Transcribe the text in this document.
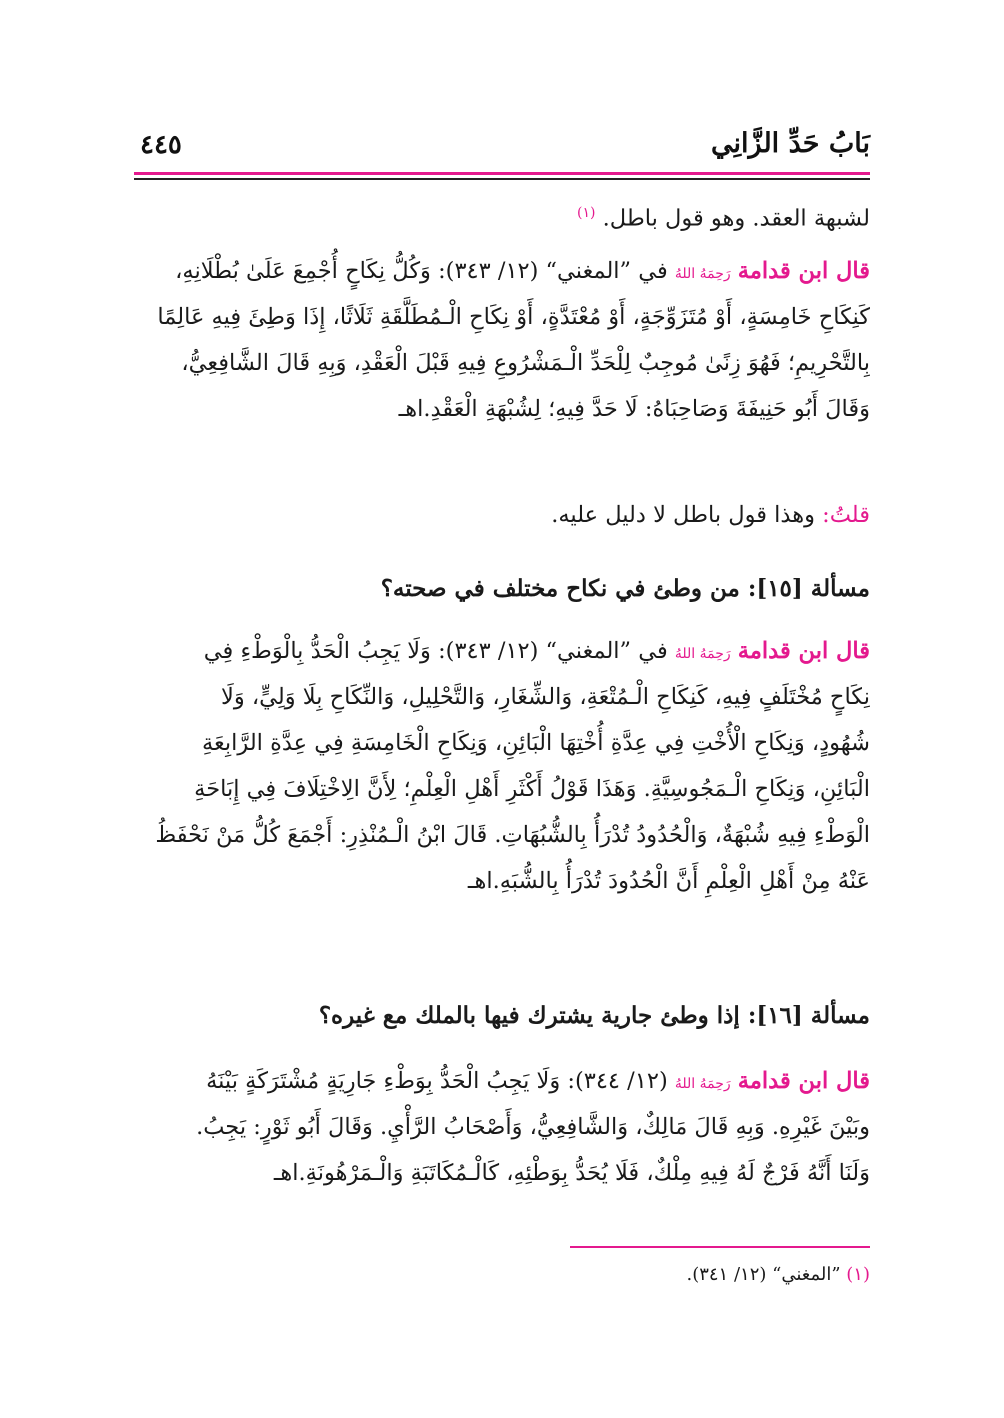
بَابُ حَدِّ الزَّانِي
٤٤٥
لشبهة العقد. وهو قول باطل. $^{(١)}$
قال ابن قدامة رَحِمَهُ اللهُ في ”المغني“ (١٢/ ٣٤٣): وَكُلُّ نِكَاحٍ أُجْمِعَ عَلَىٰ بُطْلَانِهِ،
كَنِكَاحِ خَامِسَةٍ، أَوْ مُتَزَوِّجَةٍ، أَوْ مُعْتَدَّةٍ، أَوْ نِكَاحِ الْـمُطَلَّقَةِ ثَلَاثًا، إِذَا وَطِئَ فِيهِ عَالِمًا
بِالتَّحْرِيمِ؛ فَهُوَ زِنًىٰ مُوجِبٌ لِلْحَدِّ الْـمَشْرُوعِ فِيهِ قَبْلَ الْعَقْدِ، وَبِهِ قَالَ الشَّافِعِيُّ،
وَقَالَ أَبُو حَنِيفَةَ وَصَاحِبَاهُ: لَا حَدَّ فِيهِ؛ لِشُبْهَةِ الْعَقْدِ.اهـ
قلتُ: وهذا قول باطل لا دليل عليه.
مسألة [١٥]: من وطئ في نكاح مختلف في صحته؟
قال ابن قدامة رَحِمَهُ اللهُ في ”المغني“ (١٢/ ٣٤٣): وَلَا يَجِبُ الْحَدُّ بِالْوَطْءِ فِي
نِكَاحٍ مُخْتَلَفٍ فِيهِ، كَنِكَاحِ الْـمُتْعَةِ، وَالشِّغَارِ، وَالتَّحْلِيلِ، وَالنِّكَاحِ بِلَا وَلِيٍّ، وَلَا
شُهُودٍ، وَنِكَاحِ الْأُخْتِ فِي عِدَّةِ أُخْتِهَا الْبَائِنِ، وَنِكَاحِ الْخَامِسَةِ فِي عِدَّةِ الرَّابِعَةِ
الْبَائِنِ، وَنِكَاحِ الْـمَجُوسِيَّةِ. وَهَذَا قَوْلُ أَكْثَرِ أَهْلِ الْعِلْمِ؛ لِأَنَّ الِاخْتِلَافَ فِي إِبَاحَةِ
الْوَطْءِ فِيهِ شُبْهَةٌ، وَالْحُدُودُ تُدْرَأُ بِالشُّبُهَاتِ. قَالَ ابْنُ الْـمُنْذِرِ: أَجْمَعَ كُلُّ مَنْ نَحْفَظُ
عَنْهُ مِنْ أَهْلِ الْعِلْمِ أَنَّ الْحُدُودَ تُدْرَأُ بِالشُّبَهِ.اهـ
مسألة [١٦]: إذا وطئ جارية يشترك فيها بالملك مع غيره؟
قال ابن قدامة رَحِمَهُ اللهُ (١٢/ ٣٤٤): وَلَا يَجِبُ الْحَدُّ بِوَطْءِ جَارِيَةٍ مُشْتَرَكَةٍ بَيْنَهُ
وبَيْنَ غَيْرِهِ. وَبِهِ قَالَ مَالِكٌ، وَالشَّافِعِيُّ، وَأَصْحَابُ الرَّأْيِ. وَقَالَ أَبُو ثَوْرٍ: يَجِبُ.
وَلَنَا أَنَّهُ فَرْجٌ لَهُ فِيهِ مِلْكٌ، فَلَا يُحَدُّ بِوَطْئِهِ، كَالْـمُكَاتَبَةِ وَالْـمَرْهُونَةِ.اهـ
(١) ”المغني“ (١٢/ ٣٤١).
